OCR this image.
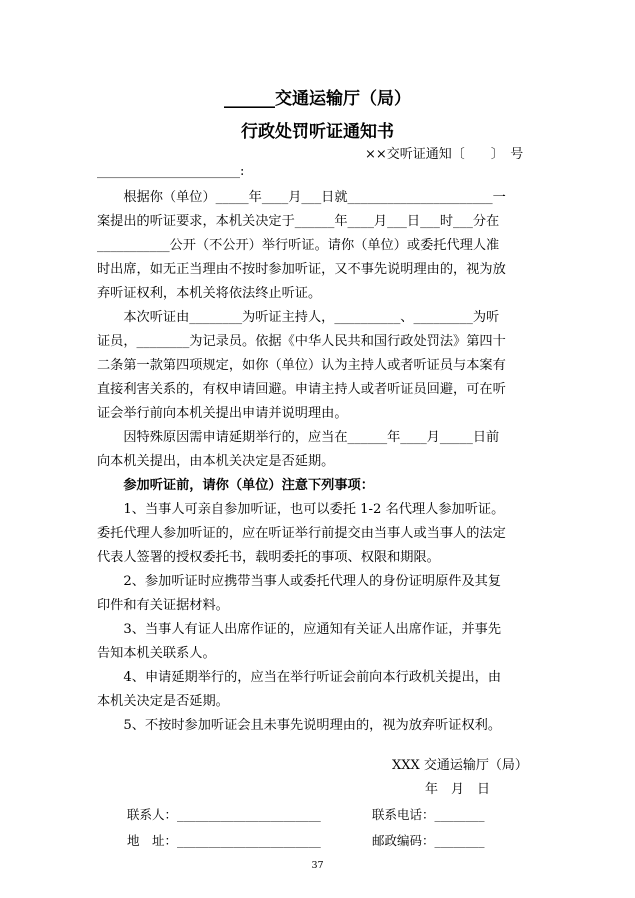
______交通运输厅（局）
行政处罚听证通知书
××交听证通知〔　　〕　号
______________________:
　　根据你（单位）_____年____月___日就______________________一
案提出的听证要求，本机关决定于______年____月___日___时___分在
___________公开（不公开）举行听证。请你（单位）或委托代理人准
时出席，如无正当理由不按时参加听证，又不事先说明理由的，视为放
弃听证权利，本机关将依法终止听证。
　　本次听证由________为听证主持人，__________、_________为听
证员，________为记录员。依据《中华人民共和国行政处罚法》第四十
二条第一款第四项规定，如你（单位）认为主持人或者听证员与本案有
直接利害关系的，有权申请回避。申请主持人或者听证员回避，可在听
证会举行前向本机关提出申请并说明理由。
　　因特殊原因需申请延期举行的，应当在______年____月_____日前
向本机关提出，由本机关决定是否延期。
　　参加听证前，请你（单位）注意下列事项：
　　1、当事人可亲自参加听证，也可以委托 1-2 名代理人参加听证。
委托代理人参加听证的，应在听证举行前提交由当事人或当事人的法定
代表人签署的授权委托书，载明委托的事项、权限和期限。
　　2、参加听证时应携带当事人或委托代理人的身份证明原件及其复
印件和有关证据材料。
　　3、当事人有证人出席作证的，应通知有关证人出席作证，并事先
告知本机关联系人。
　　4、申请延期举行的，应当在举行听证会前向本行政机关提出，由
本机关决定是否延期。
　　5、不按时参加听证会且未事先说明理由的，视为放弃听证权利。
XXX 交通运输厅（局）
年　月　日
联系人：_______________________	联系电话：________
地　址：_______________________	邮政编码：________
37
